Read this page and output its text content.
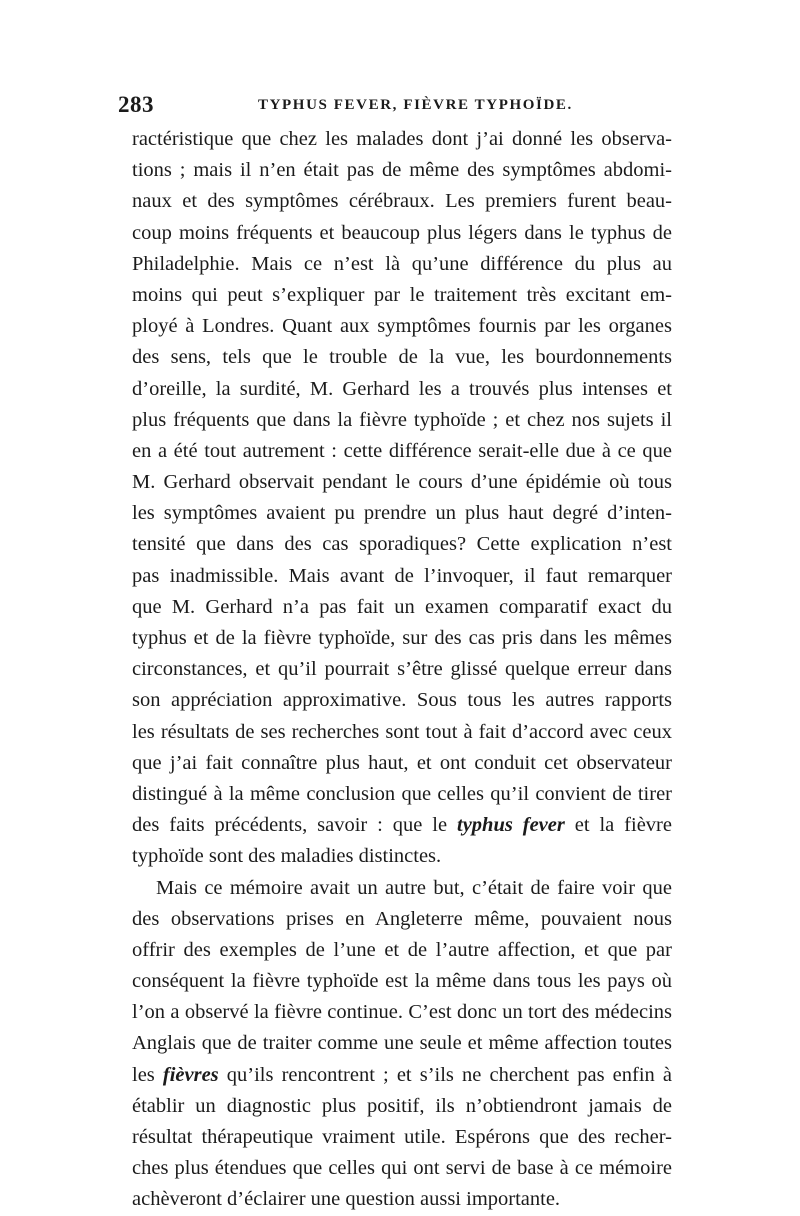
283	TYPHUS FEVER, FIÈVRE TYPHOÏDE.
ractéristique que chez les malades dont j’ai donné les observa-
tions ; mais il n’en était pas de même des symptômes abdomi-
naux et des symptômes cérébraux. Les premiers furent beau-
coup moins fréquents et beaucoup plus légers dans le typhus de
Philadelphie. Mais ce n’est là qu’une différence du plus au
moins qui peut s’expliquer par le traitement très excitant em-
ployé à Londres. Quant aux symptômes fournis par les organes
des sens, tels que le trouble de la vue, les bourdonnements
d’oreille, la surdité, M. Gerhard les a trouvés plus intenses et
plus fréquents que dans la fièvre typhoïde ; et chez nos sujets il
en a été tout autrement : cette différence serait-elle due à ce que
M. Gerhard observait pendant le cours d’une épidémie où tous
les symptômes avaient pu prendre un plus haut degré d’inten-
tensité que dans des cas sporadiques? Cette explication n’est
pas inadmissible. Mais avant de l’invoquer, il faut remarquer
que M. Gerhard n’a pas fait un examen comparatif exact du
typhus et de la fièvre typhoïde, sur des cas pris dans les mêmes
circonstances, et qu’il pourrait s’être glissé quelque erreur dans
son appréciation approximative. Sous tous les autres rapports
les résultats de ses recherches sont tout à fait d’accord avec ceux
que j’ai fait connaître plus haut, et ont conduit cet observateur
distingué à la même conclusion que celles qu’il convient de tirer
des faits précédents, savoir : que le typhus fever et la fièvre
typhoïde sont des maladies distinctes.
Mais ce mémoire avait un autre but, c’était de faire voir que
des observations prises en Angleterre même, pouvaient nous
offrir des exemples de l’une et de l’autre affection, et que par
conséquent la fièvre typhoïde est la même dans tous les pays où
l’on a observé la fièvre continue. C’est donc un tort des médecins
Anglais que de traiter comme une seule et même affection toutes
les fièvres qu’ils rencontrent ; et s’ils ne cherchent pas enfin à
établir un diagnostic plus positif, ils n’obtiendront jamais de
résultat thérapeutique vraiment utile. Espérons que des recher-
ches plus étendues que celles qui ont servi de base à ce mémoire
achèveront d’éclairer une question aussi importante.
